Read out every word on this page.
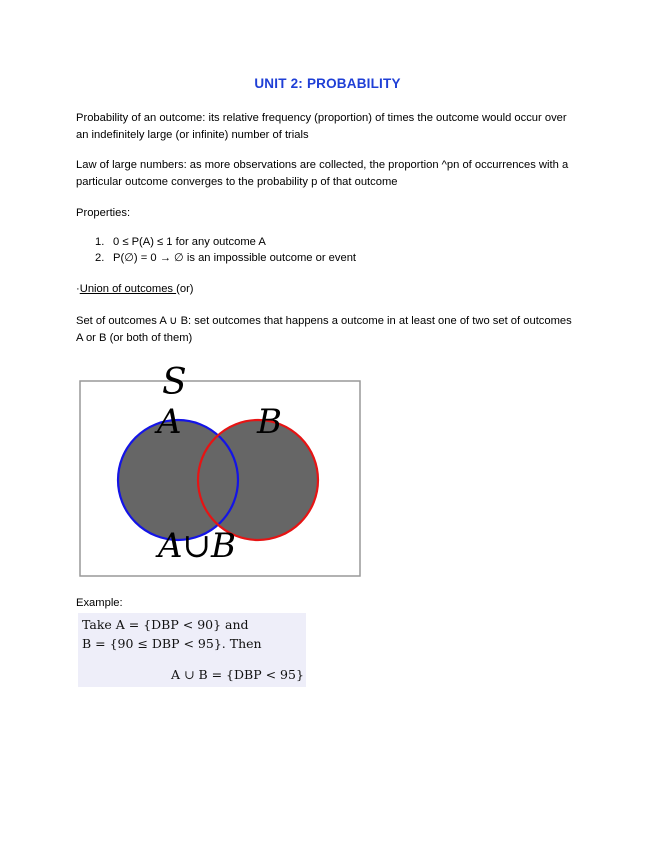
UNIT 2: PROBABILITY
Probability of an outcome: its relative frequency (proportion) of times the outcome would occur over an indefinitely large (or infinite) number of trials
Law of large numbers: as more observations are collected, the proportion ^pn of occurrences with a particular outcome converges to the probability p of that outcome
Properties:
1. 0 ≤ P(A) ≤ 1 for any outcome A
2. P(∅) = 0 → ∅ is an impossible outcome or event
·Union of outcomes (or)
Set of outcomes A ∪ B: set outcomes that happens a outcome in at least one of two set of outcomes A or B (or both of them)
S
A B
A∪B
Example:
Take A = {DBP < 90} and
B = {90 ≤ DBP < 95}. Then
A ∪ B = {DBP < 95}
